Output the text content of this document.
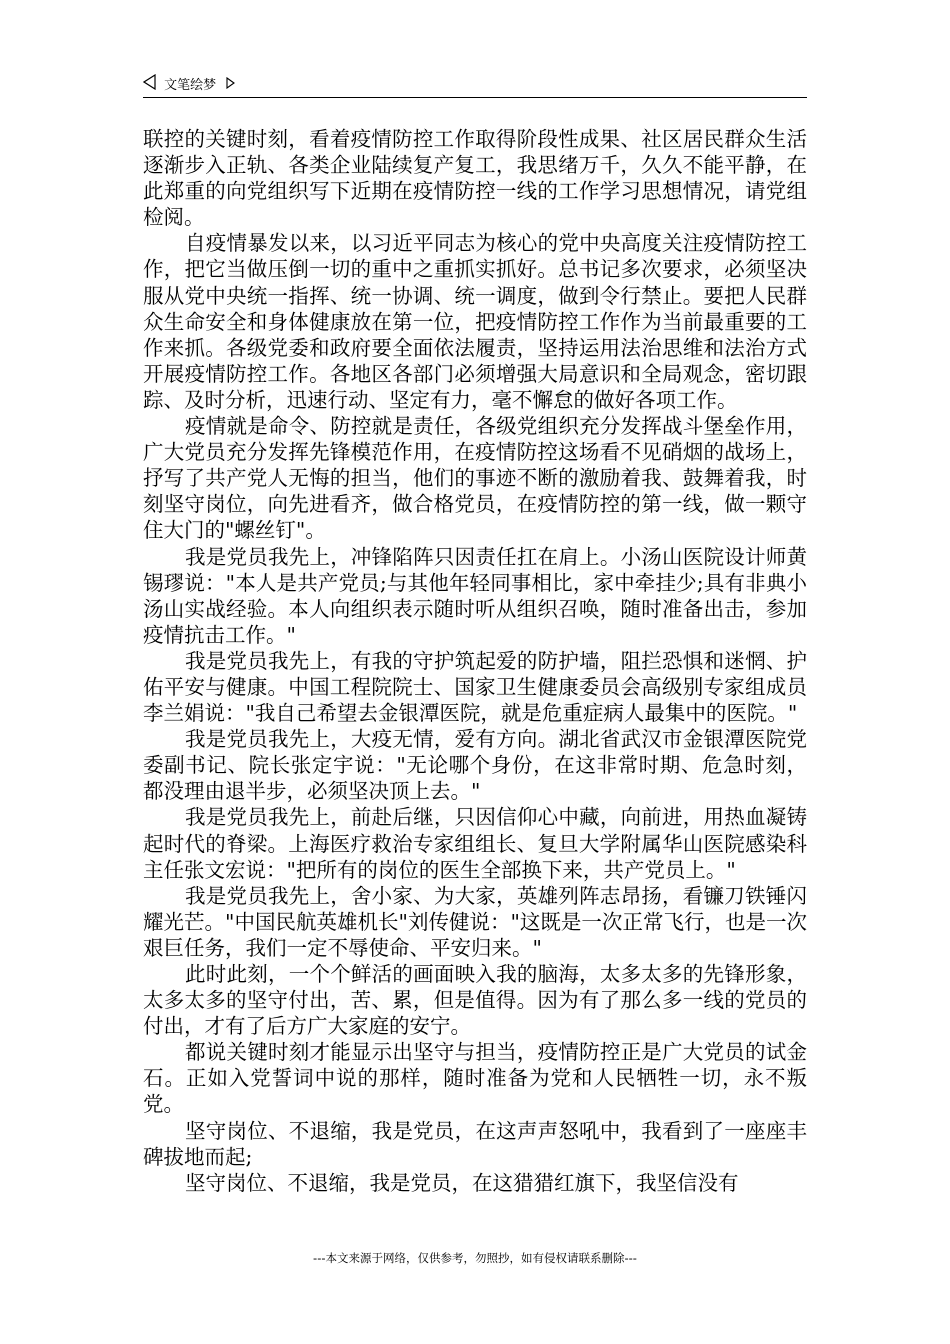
文笔绘梦

联控的关键时刻，看着疫情防控工作取得阶段性成果、社区居民群众生活逐渐步入正轨、各类企业陆续复产复工，我思绪万千，久久不能平静，在此郑重的向党组织写下近期在疫情防控一线的工作学习思想情况，请党组检阅。

自疫情暴发以来，以习近平同志为核心的党中央高度关注疫情防控工作，把它当做压倒一切的重中之重抓实抓好。总书记多次要求，必须坚决服从党中央统一指挥、统一协调、统一调度，做到令行禁止。要把人民群众生命安全和身体健康放在第一位，把疫情防控工作作为当前最重要的工作来抓。各级党委和政府要全面依法履责，坚持运用法治思维和法治方式开展疫情防控工作。各地区各部门必须增强大局意识和全局观念，密切跟踪、及时分析，迅速行动、坚定有力，毫不懈怠的做好各项工作。

疫情就是命令、防控就是责任，各级党组织充分发挥战斗堡垒作用，广大党员充分发挥先锋模范作用，在疫情防控这场看不见硝烟的战场上，抒写了共产党人无悔的担当，他们的事迹不断的激励着我、鼓舞着我，时刻坚守岗位，向先进看齐，做合格党员，在疫情防控的第一线，做一颗守住大门的"螺丝钉"。

我是党员我先上，冲锋陷阵只因责任扛在肩上。小汤山医院设计师黄锡璆说："本人是共产党员;与其他年轻同事相比，家中牵挂少;具有非典小汤山实战经验。本人向组织表示随时听从组织召唤，随时准备出击，参加疫情抗击工作。"

我是党员我先上，有我的守护筑起爱的防护墙，阻拦恐惧和迷惘、护佑平安与健康。中国工程院院士、国家卫生健康委员会高级别专家组成员李兰娟说："我自己希望去金银潭医院，就是危重症病人最集中的医院。"

我是党员我先上，大疫无情，爱有方向。湖北省武汉市金银潭医院党委副书记、院长张定宇说："无论哪个身份，在这非常时期、危急时刻，都没理由退半步，必须坚决顶上去。"

我是党员我先上，前赴后继，只因信仰心中藏，向前进，用热血凝铸起时代的脊梁。上海医疗救治专家组组长、复旦大学附属华山医院感染科主任张文宏说："把所有的岗位的医生全部换下来，共产党员上。"

我是党员我先上，舍小家、为大家，英雄列阵志昂扬，看镰刀铁锤闪耀光芒。"中国民航英雄机长"刘传健说："这既是一次正常飞行，也是一次艰巨任务，我们一定不辱使命、平安归来。"

此时此刻，一个个鲜活的画面映入我的脑海，太多太多的先锋形象，太多太多的坚守付出，苦、累，但是值得。因为有了那么多一线的党员的付出，才有了后方广大家庭的安宁。

都说关键时刻才能显示出坚守与担当，疫情防控正是广大党员的试金石。正如入党誓词中说的那样，随时准备为党和人民牺牲一切，永不叛党。

坚守岗位、不退缩，我是党员，在这声声怒吼中，我看到了一座座丰碑拔地而起;

坚守岗位、不退缩，我是党员，在这猎猎红旗下，我坚信没有

---本文来源于网络，仅供参考，勿照抄，如有侵权请联系删除---
